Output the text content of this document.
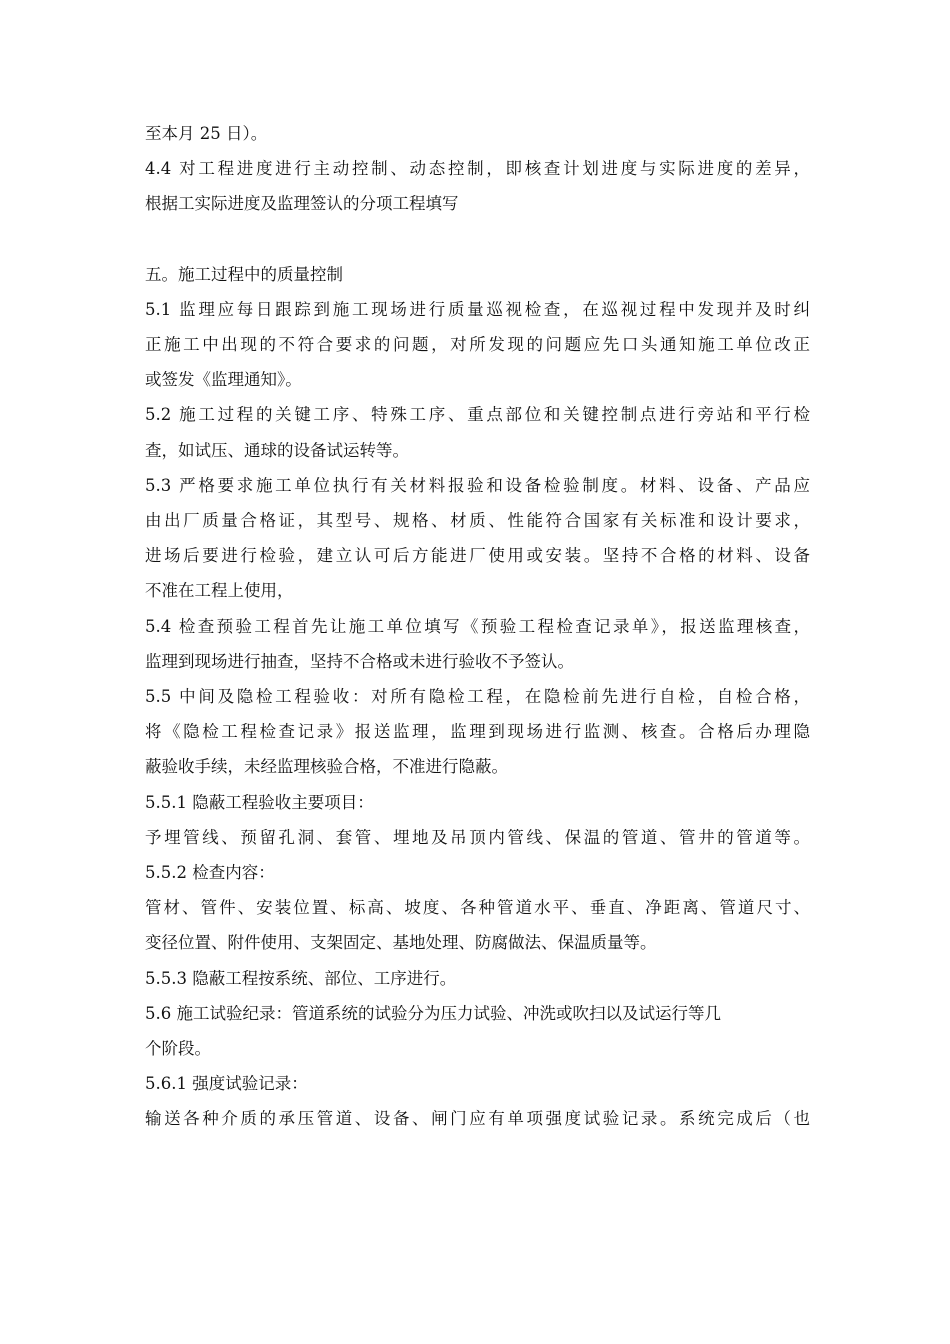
至本月 25 日）。
4.4 对工程进度进行主动控制、动态控制，即核查计划进度与实际进度的差异，
根据工实际进度及监理签认的分项工程填写
五。施工过程中的质量控制
5.1 监理应每日跟踪到施工现场进行质量巡视检查，在巡视过程中发现并及时纠
正施工中出现的不符合要求的问题，对所发现的问题应先口头通知施工单位改正
或签发《监理通知》。
5.2 施工过程的关键工序、特殊工序、重点部位和关键控制点进行旁站和平行检
查，如试压、通球的设备试运转等。
5.3 严格要求施工单位执行有关材料报验和设备检验制度。材料、设备、产品应
由出厂质量合格证，其型号、规格、材质、性能符合国家有关标准和设计要求，
进场后要进行检验，建立认可后方能进厂使用或安装。坚持不合格的材料、设备
不准在工程上使用，
5.4 检查预验工程首先让施工单位填写《预验工程检查记录单》，报送监理核查，
监理到现场进行抽查，坚持不合格或未进行验收不予签认。
5.5 中间及隐检工程验收：对所有隐检工程，在隐检前先进行自检，自检合格，
将《隐检工程检查记录》报送监理，监理到现场进行监测、核查。合格后办理隐
蔽验收手续，未经监理核验合格，不准进行隐蔽。
5.5.1 隐蔽工程验收主要项目：
予埋管线、预留孔洞、套管、埋地及吊顶内管线、保温的管道、管井的管道等。
5.5.2 检查内容：
管材、管件、安装位置、标高、坡度、各种管道水平、垂直、净距离、管道尺寸、
变径位置、附件使用、支架固定、基地处理、防腐做法、保温质量等。
5.5.3 隐蔽工程按系统、部位、工序进行。
5.6 施工试验纪录：管道系统的试验分为压力试验、冲洗或吹扫以及试运行等几
个阶段。
5.6.1 强度试验记录：
输送各种介质的承压管道、设备、闸门应有单项强度试验记录。系统完成后（也
